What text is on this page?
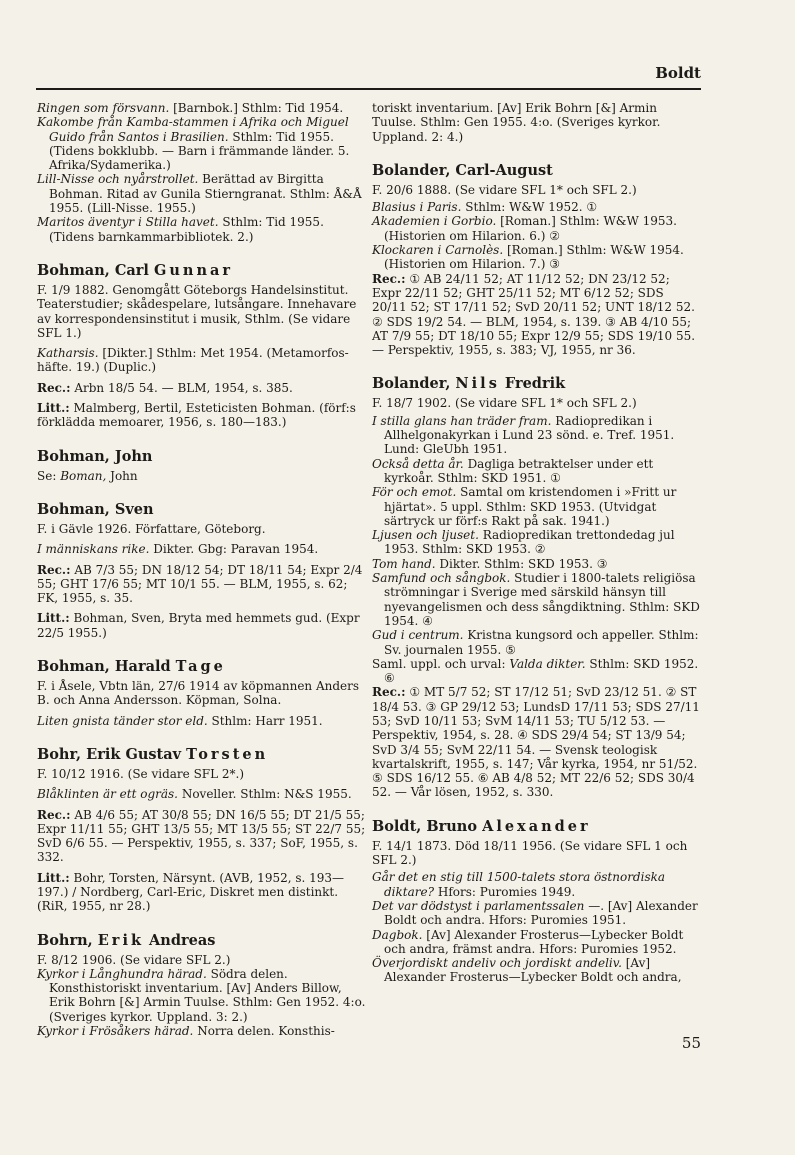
Boldt

Ringen som försvann. [Barnbok.] Sthlm: Tid 1954.

Kakombe från Kamba-stammen i Afrika och Miguel Guido från Santos i Brasilien. Sthlm: Tid 1955. (Tidens bokklubb. — Barn i främmande länder. 5. Afrika/Sydamerika.)

Lill-Nisse och nyårstrollet. Berättad av Birgitta Bohman. Ritad av Gunila Stierngranat. Sthlm: Å&Å 1955. (Lill-Nisse. 1955.)

Maritos äventyr i Stilla havet. Sthlm: Tid 1955. (Tidens barnkammarbibliotek. 2.)

Bohman, Carl Gunnar

F. 1/9 1882. Genomgått Göteborgs Handelsinstitut. Teaterstudier; skådespelare, lutsångare. Innehavare av korrespondensinstitut i musik, Sthlm. (Se vidare SFL 1.)

Katharsis. [Dikter.] Sthlm: Met 1954. (Metamorfos-häfte. 19.) (Duplic.)

Rec.: Arbn 18/5 54. — BLM, 1954, s. 385.

Litt.: Malmberg, Bertil, Esteticisten Bohman. (förf:s förklädda memoarer, 1956, s. 180—183.)

Bohman, John

Se: Boman, John

Bohman, Sven

F. i Gävle 1926. Författare, Göteborg.

I människans rike. Dikter. Gbg: Paravan 1954.

Rec.: AB 7/3 55; DN 18/12 54; DT 18/11 54; Expr 2/4 55; GHT 17/6 55; MT 10/1 55. — BLM, 1955, s. 62; FK, 1955, s. 35.

Litt.: Bohman, Sven, Bryta med hemmets gud. (Expr 22/5 1955.)

Bohman, Harald Tage

F. i Åsele, Vbtn län, 27/6 1914 av köpmannen Anders B. och Anna Andersson. Köpman, Solna.

Liten gnista tänder stor eld. Sthlm: Harr 1951.

Bohr, Erik Gustav Torsten

F. 10/12 1916. (Se vidare SFL 2*.)

Blåklinten är ett ogräs. Noveller. Sthlm: N&S 1955.

Rec.: AB 4/6 55; AT 30/8 55; DN 16/5 55; DT 21/5 55; Expr 11/11 55; GHT 13/5 55; MT 13/5 55; ST 22/7 55; SvD 6/6 55. — Perspektiv, 1955, s. 337; SoF, 1955, s. 332.

Litt.: Bohr, Torsten, Närsynt. (AVB, 1952, s. 193—197.) / Nordberg, Carl-Eric, Diskret men distinkt. (RiR, 1955, nr 28.)

Bohrn, Erik Andreas

F. 8/12 1906. (Se vidare SFL 2.)

Kyrkor i Långhundra härad. Södra delen. Konsthistoriskt inventarium. [Av] Anders Billow, Erik Bohrn [&] Armin Tuulse. Sthlm: Gen 1952. 4:o. (Sveriges kyrkor. Uppland. 3: 2.)

Kyrkor i Frösåkers härad. Norra delen. Konsthis-

toriskt inventarium. [Av] Erik Bohrn [&] Armin Tuulse. Sthlm: Gen 1955. 4:o. (Sveriges kyrkor. Uppland. 2: 4.)

Bolander, Carl-August

F. 20/6 1888. (Se vidare SFL 1* och SFL 2.)

Blasius i Paris. Sthlm: W&W 1952. ①

Akademien i Gorbio. [Roman.] Sthlm: W&W 1953. (Historien om Hilarion. 6.) ②

Klockaren i Carnolès. [Roman.] Sthlm: W&W 1954. (Historien om Hilarion. 7.) ③

Rec.: ① AB 24/11 52; AT 11/12 52; DN 23/12 52; Expr 22/11 52; GHT 25/11 52; MT 6/12 52; SDS 20/11 52; ST 17/11 52; SvD 20/11 52; UNT 18/12 52. ② SDS 19/2 54. — BLM, 1954, s. 139. ③ AB 4/10 55; AT 7/9 55; DT 18/10 55; Expr 12/9 55; SDS 19/10 55. — Perspektiv, 1955, s. 383; VJ, 1955, nr 36.

Bolander, Nils Fredrik

F. 18/7 1902. (Se vidare SFL 1* och SFL 2.)

I stilla glans han träder fram. Radiopredikan i Allhelgonakyrkan i Lund 23 sönd. e. Tref. 1951. Lund: GleUbh 1951.

Också detta år. Dagliga betraktelser under ett kyrkoår. Sthlm: SKD 1951. ①

För och emot. Samtal om kristendomen i »Fritt ur hjärtat». 5 uppl. Sthlm: SKD 1953. (Utvidgat särtryck ur förf:s Rakt på sak. 1941.)

Ljusen och ljuset. Radiopredikan trettondedag jul 1953. Sthlm: SKD 1953. ②

Tom hand. Dikter. Sthlm: SKD 1953. ③

Samfund och sångbok. Studier i 1800-talets religiösa strömningar i Sverige med särskild hänsyn till nyevangelismen och dess sångdiktning. Sthlm: SKD 1954. ④

Gud i centrum. Kristna kungsord och appeller. Sthlm: Sv. journalen 1955. ⑤

Saml. uppl. och urval: Valda dikter. Sthlm: SKD 1952. ⑥

Rec.: ① MT 5/7 52; ST 17/12 51; SvD 23/12 51. ② ST 18/4 53. ③ GP 29/12 53; LundsD 17/11 53; SDS 27/11 53; SvD 10/11 53; SvM 14/11 53; TU 5/12 53. — Perspektiv, 1954, s. 28. ④ SDS 29/4 54; ST 13/9 54; SvD 3/4 55; SvM 22/11 54. — Svensk teologisk kvartalskrift, 1955, s. 147; Vår kyrka, 1954, nr 51/52. ⑤ SDS 16/12 55. ⑥ AB 4/8 52; MT 22/6 52; SDS 30/4 52. — Vår lösen, 1952, s. 330.

Boldt, Bruno Alexander

F. 14/1 1873. Död 18/11 1956. (Se vidare SFL 1 och SFL 2.)

Går det en stig till 1500-talets stora östnordiska diktare? Hfors: Puromies 1949.

Det var dödstyst i parlamentssalen —. [Av] Alexander Boldt och andra. Hfors: Puromies 1951.

Dagbok. [Av] Alexander Frosterus—Lybecker Boldt och andra, främst andra. Hfors: Puromies 1952.

Överjordiskt andeliv och jordiskt andeliv. [Av] Alexander Frosterus—Lybecker Boldt och andra,

55
